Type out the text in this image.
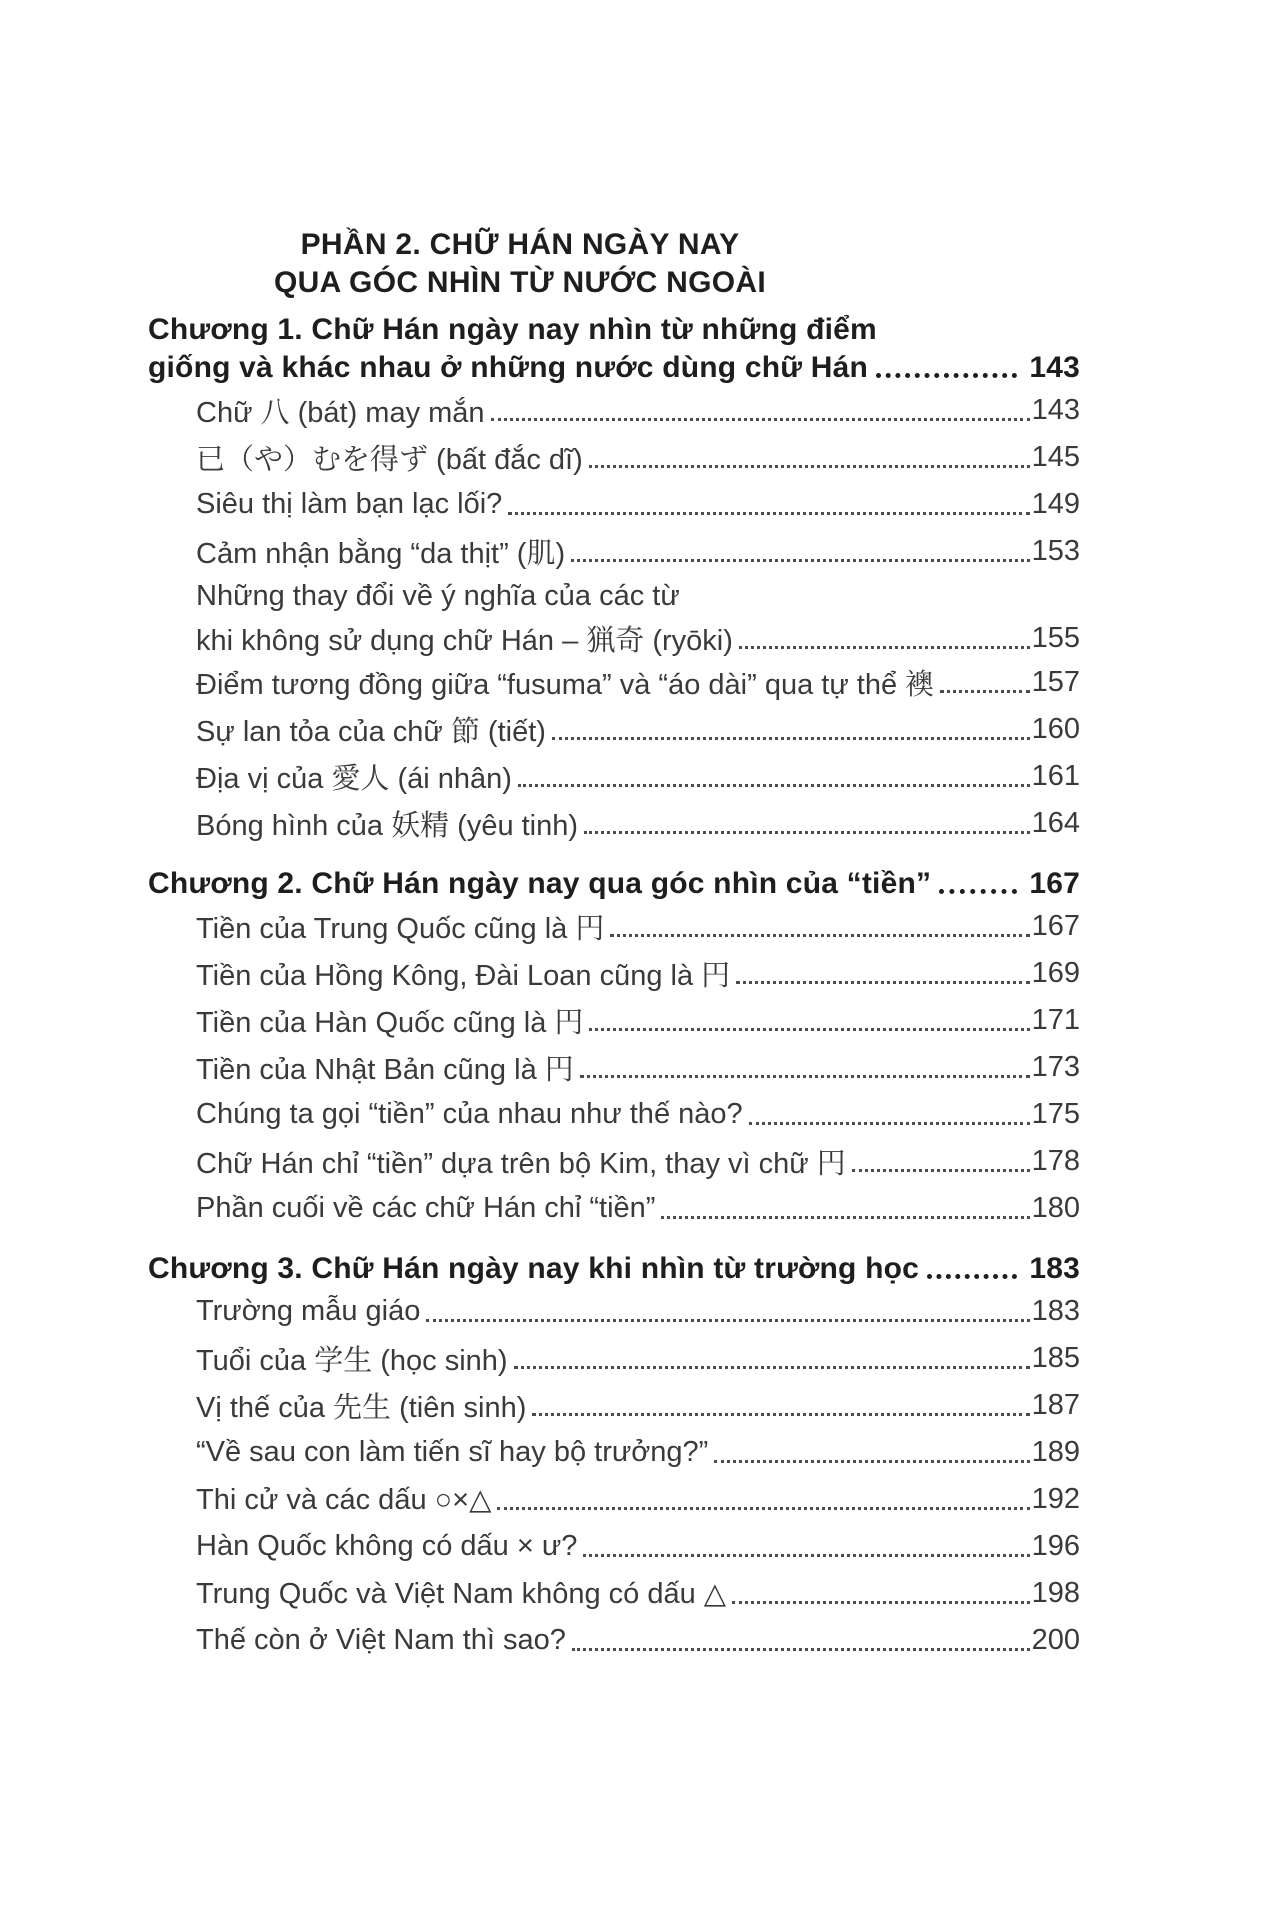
PHẦN 2. CHỮ HÁN NGÀY NAY
QUA GÓC NHÌN TỪ NƯỚC NGOÀI
Chương 1. Chữ Hán ngày nay nhìn từ những điểm
giống và khác nhau ở những nước dùng chữ Hán	143
Chữ 八 (bát) may mắn	143
已（や）むを得ず (bất đắc dĩ)	145
Siêu thị làm bạn lạc lối?	149
Cảm nhận bằng “da thịt” (肌)	153
Những thay đổi về ý nghĩa của các từ
khi không sử dụng chữ Hán – 猟奇 (ryōki)	155
Điểm tương đồng giữa “fusuma” và “áo dài” qua tự thể 襖	157
Sự lan tỏa của chữ 節 (tiết)	160
Địa vị của 愛人 (ái nhân)	161
Bóng hình của 妖精 (yêu tinh)	164
Chương 2. Chữ Hán ngày nay qua góc nhìn của “tiền”	167
Tiền của Trung Quốc cũng là 円	167
Tiền của Hồng Kông, Đài Loan cũng là 円	169
Tiền của Hàn Quốc cũng là 円	171
Tiền của Nhật Bản cũng là 円	173
Chúng ta gọi “tiền” của nhau như thế nào?	175
Chữ Hán chỉ “tiền” dựa trên bộ Kim, thay vì chữ 円	178
Phần cuối về các chữ Hán chỉ “tiền”	180
Chương 3. Chữ Hán ngày nay khi nhìn từ trường học	183
Trường mẫu giáo	183
Tuổi của 学生 (học sinh)	185
Vị thế của 先生 (tiên sinh)	187
“Về sau con làm tiến sĩ hay bộ trưởng?”	189
Thi cử và các dấu ○×△	192
Hàn Quốc không có dấu × ư?	196
Trung Quốc và Việt Nam không có dấu △	198
Thế còn ở Việt Nam thì sao?	200
